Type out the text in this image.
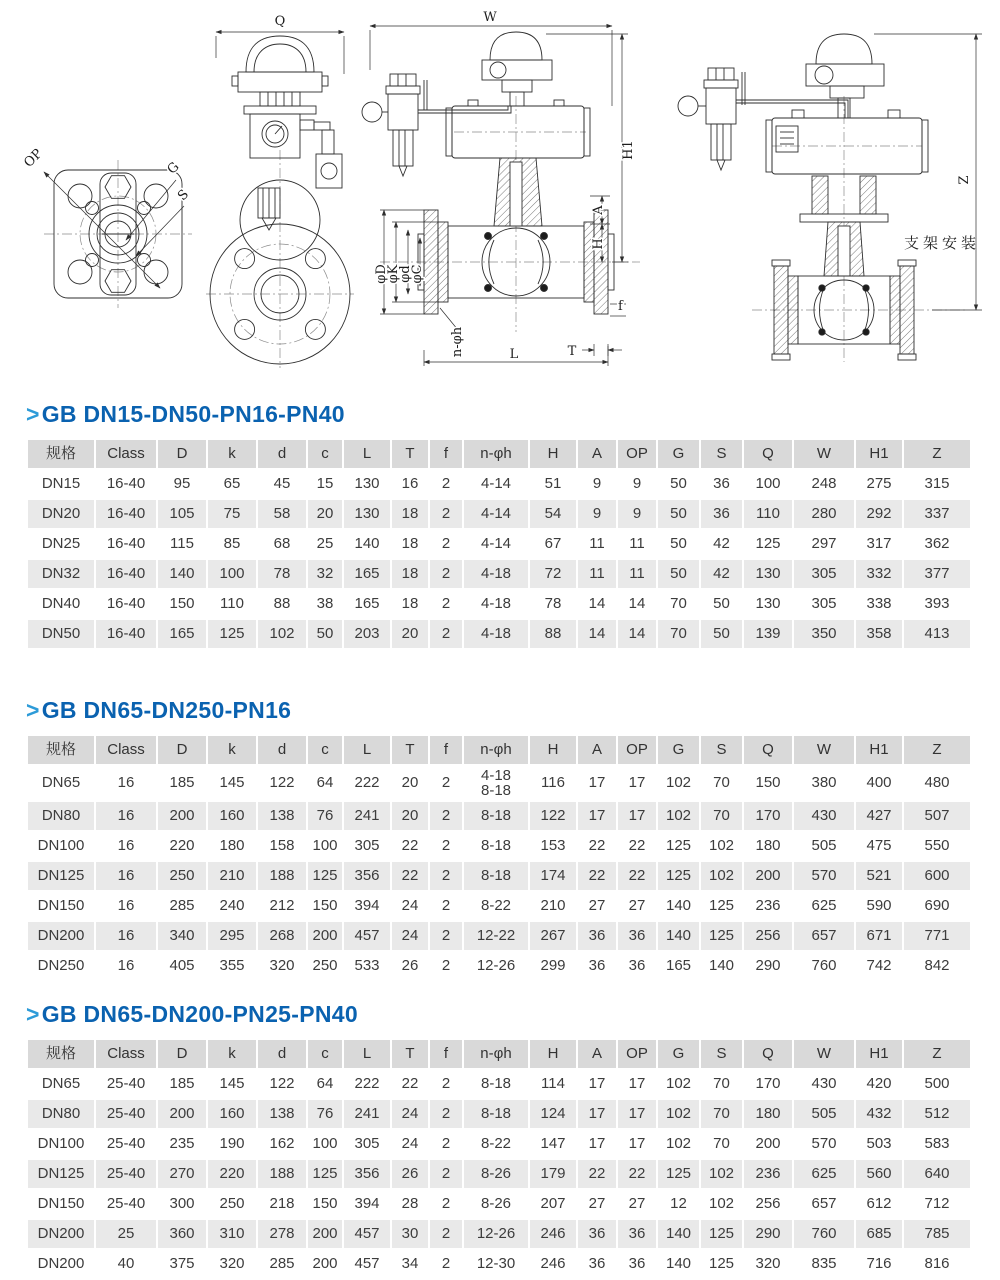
OP	G
S
Q	W
H1
A
H
φD
φK
φd
φC
f
T
L
n-φh
Z
支架安装
>GB DN15-DN50-PN16-PN40
规格	Class	D	k	d	c	L	T	f	n-φh	H	A	OP	G	S	Q	W	H1	Z
DN15	16-40	95	65	45	15	130	16	2	4-14	51	9	9	50	36	100	248	275	315
DN20	16-40	105	75	58	20	130	18	2	4-14	54	9	9	50	36	110	280	292	337
DN25	16-40	115	85	68	25	140	18	2	4-14	67	11	11	50	42	125	297	317	362
DN32	16-40	140	100	78	32	165	18	2	4-18	72	11	11	50	42	130	305	332	377
DN40	16-40	150	110	88	38	165	18	2	4-18	78	14	14	70	50	130	305	338	393
DN50	16-40	165	125	102	50	203	20	2	4-18	88	14	14	70	50	139	350	358	413
>GB DN65-DN250-PN16
规格	Class	D	k	d	c	L	T	f	n-φh	H	A	OP	G	S	Q	W	H1	Z
DN65	16	185	145	122	64	222	20	2	4-18
8-18	116	17	17	102	70	150	380	400	480
DN80	16	200	160	138	76	241	20	2	8-18	122	17	17	102	70	170	430	427	507
DN100	16	220	180	158	100	305	22	2	8-18	153	22	22	125	102	180	505	475	550
DN125	16	250	210	188	125	356	22	2	8-18	174	22	22	125	102	200	570	521	600
DN150	16	285	240	212	150	394	24	2	8-22	210	27	27	140	125	236	625	590	690
DN200	16	340	295	268	200	457	24	2	12-22	267	36	36	140	125	256	657	671	771
DN250	16	405	355	320	250	533	26	2	12-26	299	36	36	165	140	290	760	742	842
>GB DN65-DN200-PN25-PN40
规格	Class	D	k	d	c	L	T	f	n-φh	H	A	OP	G	S	Q	W	H1	Z
DN65	25-40	185	145	122	64	222	22	2	8-18	114	17	17	102	70	170	430	420	500
DN80	25-40	200	160	138	76	241	24	2	8-18	124	17	17	102	70	180	505	432	512
DN100	25-40	235	190	162	100	305	24	2	8-22	147	17	17	102	70	200	570	503	583
DN125	25-40	270	220	188	125	356	26	2	8-26	179	22	22	125	102	236	625	560	640
DN150	25-40	300	250	218	150	394	28	2	8-26	207	27	27	12	102	256	657	612	712
DN200	25	360	310	278	200	457	30	2	12-26	246	36	36	140	125	290	760	685	785
DN200	40	375	320	285	200	457	34	2	12-30	246	36	36	140	125	320	835	716	816
